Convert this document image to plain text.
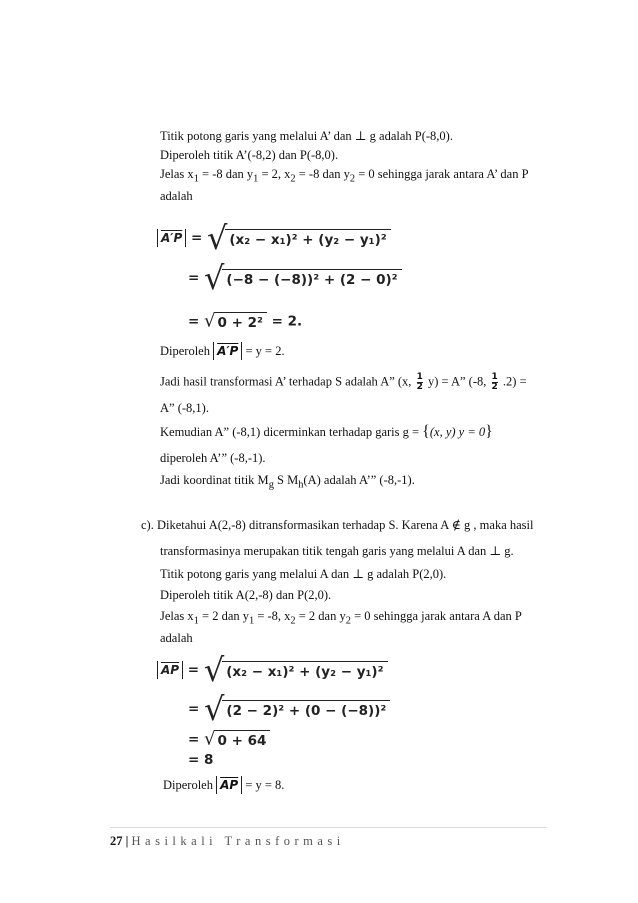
Titik potong garis yang melalui A’ dan ⊥ g adalah P(-8,0).
Diperoleh titik A’(-8,2) dan P(-8,0).
Jelas $x_1 = -8$ dan $y_1 = 2$, $x_2 = -8$ dan $y_2 = 0$ sehingga jarak antara A’ dan P
adalah
A′P = √ (x₂ − x₁)² + (y₂ − y₁)²
= √ (−8 − (−8))² + (2 − 0)²
= √ 0 + 2² = 2.
Diperoleh A′P = y = 2.
Jadi hasil transformasi A’ terhadap S adalah A” (x, $\frac{1}{2} y) = A$” (-8, $\frac{1}{2} .2$) =
A” (-8,1).
Kemudian A” (-8,1) dicerminkan terhadap garis g = {(x, y) y = 0}
diperoleh A’” (-8,-1).
Jadi koordinat titik $M_g$ S $M_h(A)$ adalah A’” (-8,-1).
c). Diketahui A(2,-8) ditransformasikan terhadap S. Karena A ∉ g , maka hasil
transformasinya merupakan titik tengah garis yang melalui A dan ⊥ g.
Titik potong garis yang melalui A dan ⊥ g adalah P(2,0).
Diperoleh titik A(2,-8) dan P(2,0).
Jelas $x_1 = 2$ dan $y_1 = -8$, $x_2 = 2$ dan $y_2 = 0$ sehingga jarak antara A dan P
adalah
$\overline{AP}$ = √ (x₂ − x₁)² + (y₂ − y₁)²
= √ (2 − 2)² + (0 − (−8))²
= √ 0 + 64
= 8
Diperoleh $\overline{AP} = y = 8$.
27 | Hasilkali Transformasi
